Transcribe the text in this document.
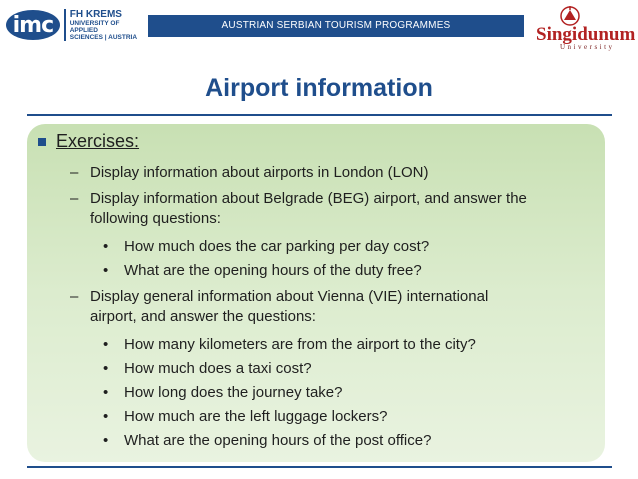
imc	FH KREMS
UNIVERSITY OF APPLIED
SCIENCES | AUSTRIA
AUSTRIAN SERBIAN TOURISM PROGRAMMES	Singidunum
University
Airport information
Exercises:
– Display information about airports in London (LON)
– Display information about Belgrade (BEG) airport, and answer the
following questions:
• How much does the car parking per day cost?
• What are the opening hours of the duty free?
– Display general information about Vienna (VIE) international
airport, and answer the questions:
• How many kilometers are from the airport to the city?
• How much does a taxi cost?
• How long does the journey take?
• How much are the left luggage lockers?
• What are the opening hours of the post office?
